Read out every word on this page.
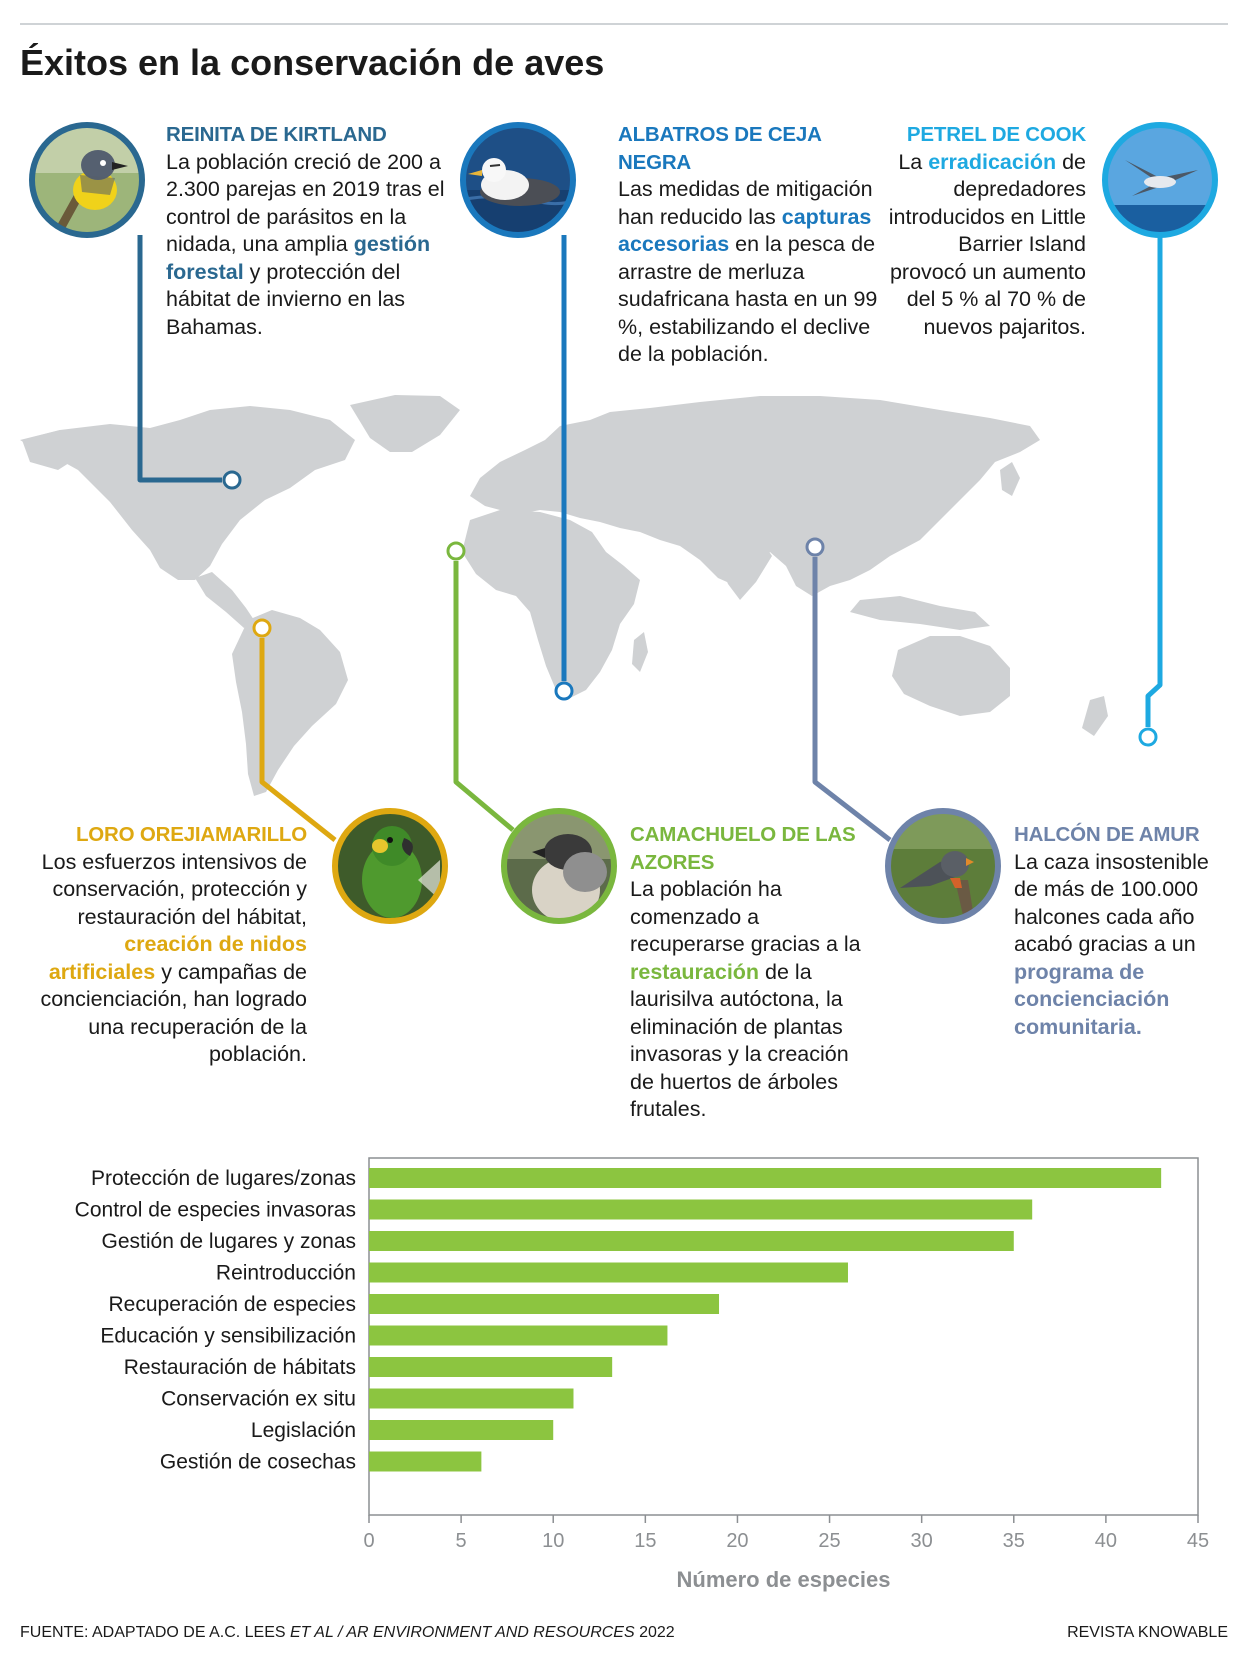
Éxitos en la conservación de aves
REINITA DE KIRTLAND
La población creció de 200 a 2.300 parejas en 2019 tras el control de parásitos en la nidada, una amplia gestión forestal y protección del hábitat de invierno en las Bahamas.
ALBATROS DE CEJA NEGRA
Las medidas de mitigación han reducido las capturas accesorias en la pesca de arrastre de merluza sudafricana hasta en un 99 %, estabilizando el declive de la población.
PETREL DE COOK
La erradicación de depredadores introducidos en Little Barrier Island provocó un aumento del 5 % al 70 % de nuevos pajaritos.
LORO OREJIAMARILLO
Los esfuerzos intensivos de conservación, protección y restauración del hábitat, creación de nidos artificiales y campañas de concienciación, han logrado una recuperación de la población.
CAMACHUELO DE LAS AZORES
La población ha comenzado a recuperarse gracias a la restauración de la laurisilva autóctona, la eliminación de plantas invasoras y la creación de huertos de árboles frutales.
HALCÓN DE AMUR
La caza insostenible de más de 100.000 halcones cada año acabó gracias a un programa de concienciación comunitaria.
Protección de lugares/zonas
Control de especies invasoras
Gestión de lugares y zonas
Reintroducción
Recuperación de especies
Educación y sensibilización
Restauración de hábitats
Conservación ex situ
Legislación
Gestión de cosechas
0	5	10	15	20	25	30	35	40	45
Número de especies
FUENTE: ADAPTADO DE A.C. LEES ET AL / AR ENVIRONMENT AND RESOURCES 2022	REVISTA KNOWABLE
